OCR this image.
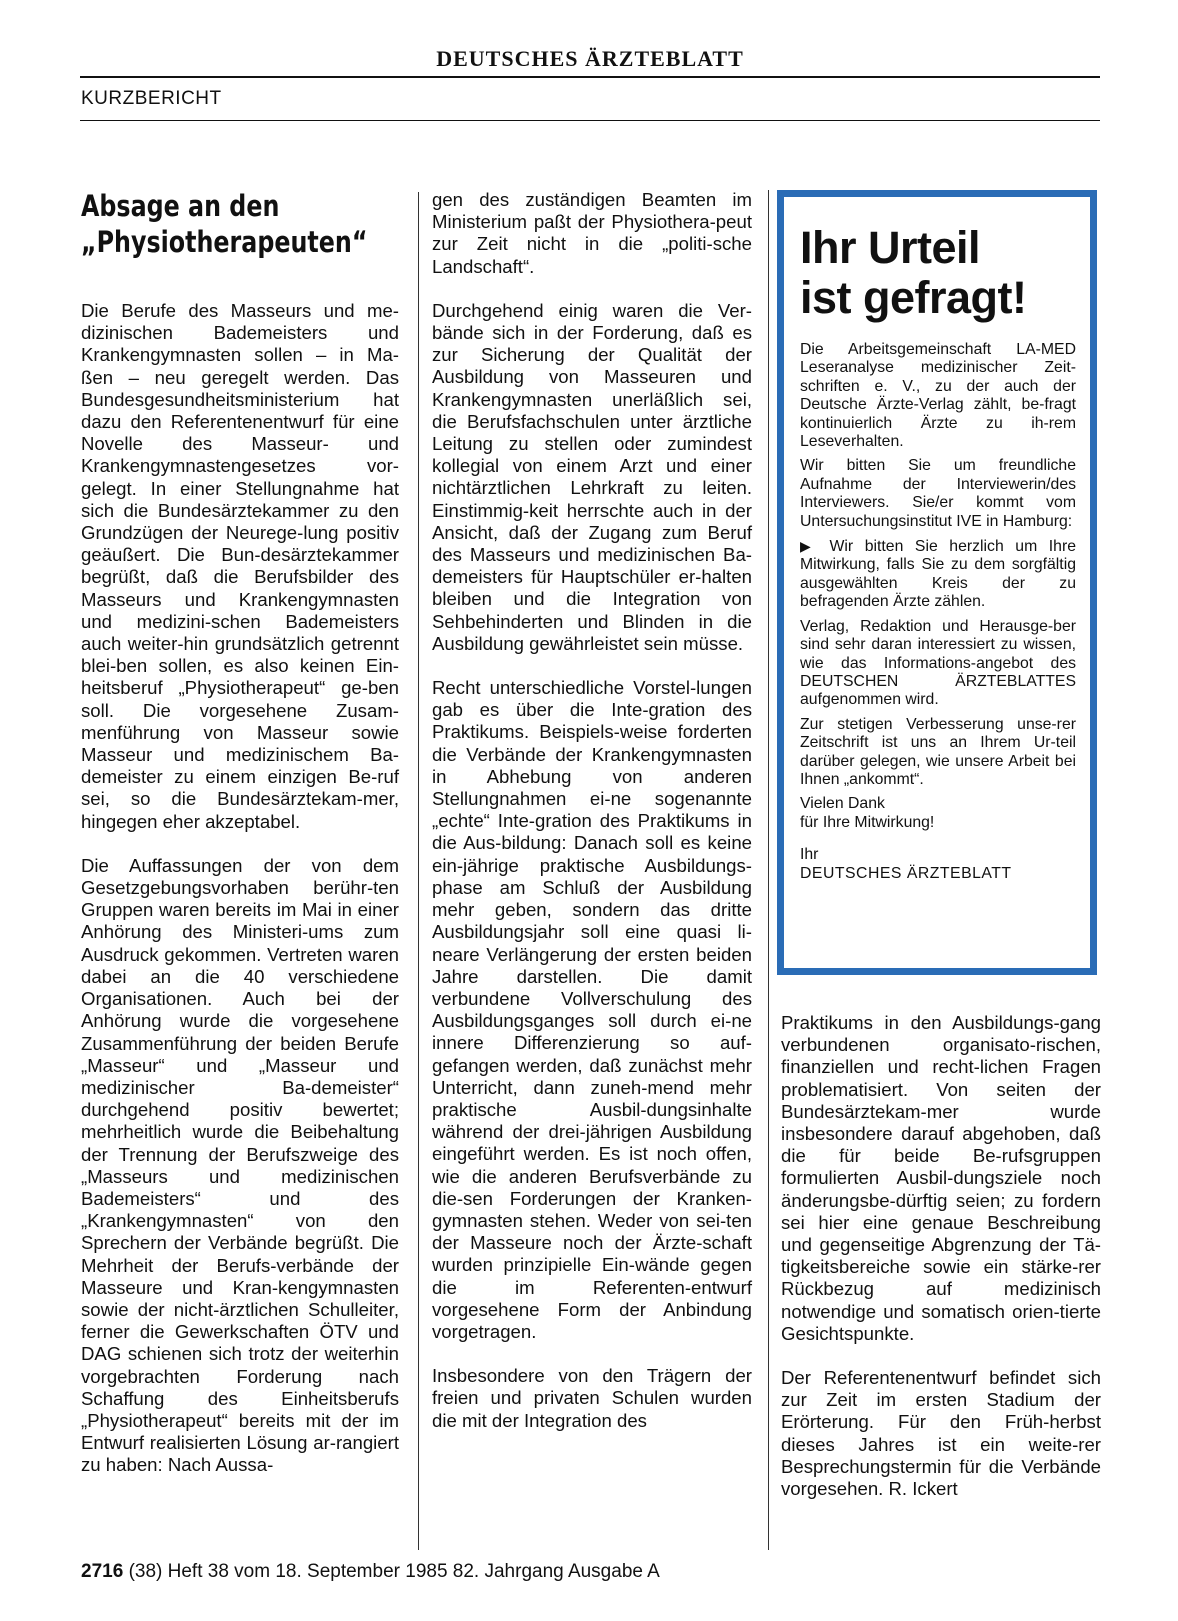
DEUTSCHES ÄRZTEBLATT
KURZBERICHT
Absage an den
„Physiotherapeuten“

Die Berufe des Masseurs und me-dizinischen Bademeisters und Krankengymnasten sollen – in Ma-ßen – neu geregelt werden. Das Bundesgesundheitsministerium hat dazu den Referentenentwurf für eine Novelle des Masseur- und Krankengymnastengesetzes vor-gelegt. In einer Stellungnahme hat sich die Bundesärztekammer zu den Grundzügen der Neurege-lung positiv geäußert. Die Bun-desärztekammer begrüßt, daß die Berufsbilder des Masseurs und Krankengymnasten und medizini-schen Bademeisters auch weiter-hin grundsätzlich getrennt blei-ben sollen, es also keinen Ein-heitsberuf „Physiotherapeut“ ge-ben soll. Die vorgesehene Zusam-menführung von Masseur sowie Masseur und medizinischem Ba-demeister zu einem einzigen Be-ruf sei, so die Bundesärztekam-mer, hingegen eher akzeptabel.

Die Auffassungen der von dem Gesetzgebungsvorhaben berühr-ten Gruppen waren bereits im Mai in einer Anhörung des Ministeri-ums zum Ausdruck gekommen. Vertreten waren dabei an die 40 verschiedene Organisationen. Auch bei der Anhörung wurde die vorgesehene Zusammenführung der beiden Berufe „Masseur“ und „Masseur und medizinischer Ba-demeister“ durchgehend positiv bewertet; mehrheitlich wurde die Beibehaltung der Trennung der Berufszweige des „Masseurs und medizinischen Bademeisters“ und des „Krankengymnasten“ von den Sprechern der Verbände begrüßt. Die Mehrheit der Berufs-verbände der Masseure und Kran-kengymnasten sowie der nicht-ärztlichen Schulleiter, ferner die Gewerkschaften ÖTV und DAG schienen sich trotz der weiterhin vorgebrachten Forderung nach Schaffung des Einheitsberufs „Physiotherapeut“ bereits mit der im Entwurf realisierten Lösung ar-rangiert zu haben: Nach Aussa-

gen des zuständigen Beamten im Ministerium paßt der Physiothera-peut zur Zeit nicht in die „politi-sche Landschaft“.

Durchgehend einig waren die Ver-bände sich in der Forderung, daß es zur Sicherung der Qualität der Ausbildung von Masseuren und Krankengymnasten unerläßlich sei, die Berufsfachschulen unter ärztliche Leitung zu stellen oder zumindest kollegial von einem Arzt und einer nichtärztlichen Lehrkraft zu leiten. Einstimmig-keit herrschte auch in der Ansicht, daß der Zugang zum Beruf des Masseurs und medizinischen Ba-demeisters für Hauptschüler er-halten bleiben und die Integration von Sehbehinderten und Blinden in die Ausbildung gewährleistet sein müsse.

Recht unterschiedliche Vorstel-lungen gab es über die Inte-gration des Praktikums. Beispiels-weise forderten die Verbände der Krankengymnasten in Abhebung von anderen Stellungnahmen ei-ne sogenannte „echte“ Inte-gration des Praktikums in die Aus-bildung: Danach soll es keine ein-jährige praktische Ausbildungs-phase am Schluß der Ausbildung mehr geben, sondern das dritte Ausbildungsjahr soll eine quasi li-neare Verlängerung der ersten beiden Jahre darstellen. Die damit verbundene Vollverschulung des Ausbildungsganges soll durch ei-ne innere Differenzierung so auf-gefangen werden, daß zunächst mehr Unterricht, dann zuneh-mend mehr praktische Ausbil-dungsinhalte während der drei-jährigen Ausbildung eingeführt werden. Es ist noch offen, wie die anderen Berufsverbände zu die-sen Forderungen der Kranken-gymnasten stehen. Weder von sei-ten der Masseure noch der Ärzte-schaft wurden prinzipielle Ein-wände gegen die im Referenten-entwurf vorgesehene Form der Anbindung vorgetragen.

Insbesondere von den Trägern der freien und privaten Schulen wurden die mit der Integration des

Ihr Urteil
ist gefragt!

Die Arbeitsgemeinschaft LA-MED Leseranalyse medizinischer Zeit-schriften e. V., zu der auch der Deutsche Ärzte-Verlag zählt, be-fragt kontinuierlich Ärzte zu ih-rem Leseverhalten.

Wir bitten Sie um freundliche Aufnahme der Interviewerin/des Interviewers. Sie/er kommt vom Untersuchungsinstitut IVE in Hamburg:

▶ Wir bitten Sie herzlich um Ihre Mitwirkung, falls Sie zu dem sorgfältig ausgewählten Kreis der zu befragenden Ärzte zählen.

Verlag, Redaktion und Herausge-ber sind sehr daran interessiert zu wissen, wie das Informations-angebot des DEUTSCHEN ÄRZTEBLATTES aufgenommen wird.

Zur stetigen Verbesserung unse-rer Zeitschrift ist uns an Ihrem Ur-teil darüber gelegen, wie unsere Arbeit bei Ihnen „ankommt“.

Vielen Dank
für Ihre Mitwirkung!
Ihr
DEUTSCHES ÄRZTEBLATT

Praktikums in den Ausbildungs-gang verbundenen organisato-rischen, finanziellen und recht-lichen Fragen problematisiert. Von seiten der Bundesärztekam-mer wurde insbesondere darauf abgehoben, daß die für beide Be-rufsgruppen formulierten Ausbil-dungsziele noch änderungsbe-dürftig seien; zu fordern sei hier eine genaue Beschreibung und gegenseitige Abgrenzung der Tä-tigkeitsbereiche sowie ein stärke-rer Rückbezug auf medizinisch notwendige und somatisch orien-tierte Gesichtspunkte.

Der Referentenentwurf befindet sich zur Zeit im ersten Stadium der Erörterung. Für den Früh-herbst dieses Jahres ist ein weite-rer Besprechungstermin für die Verbände vorgesehen. R. Ickert

2716 (38) Heft 38 vom 18. September 1985 82. Jahrgang Ausgabe A
